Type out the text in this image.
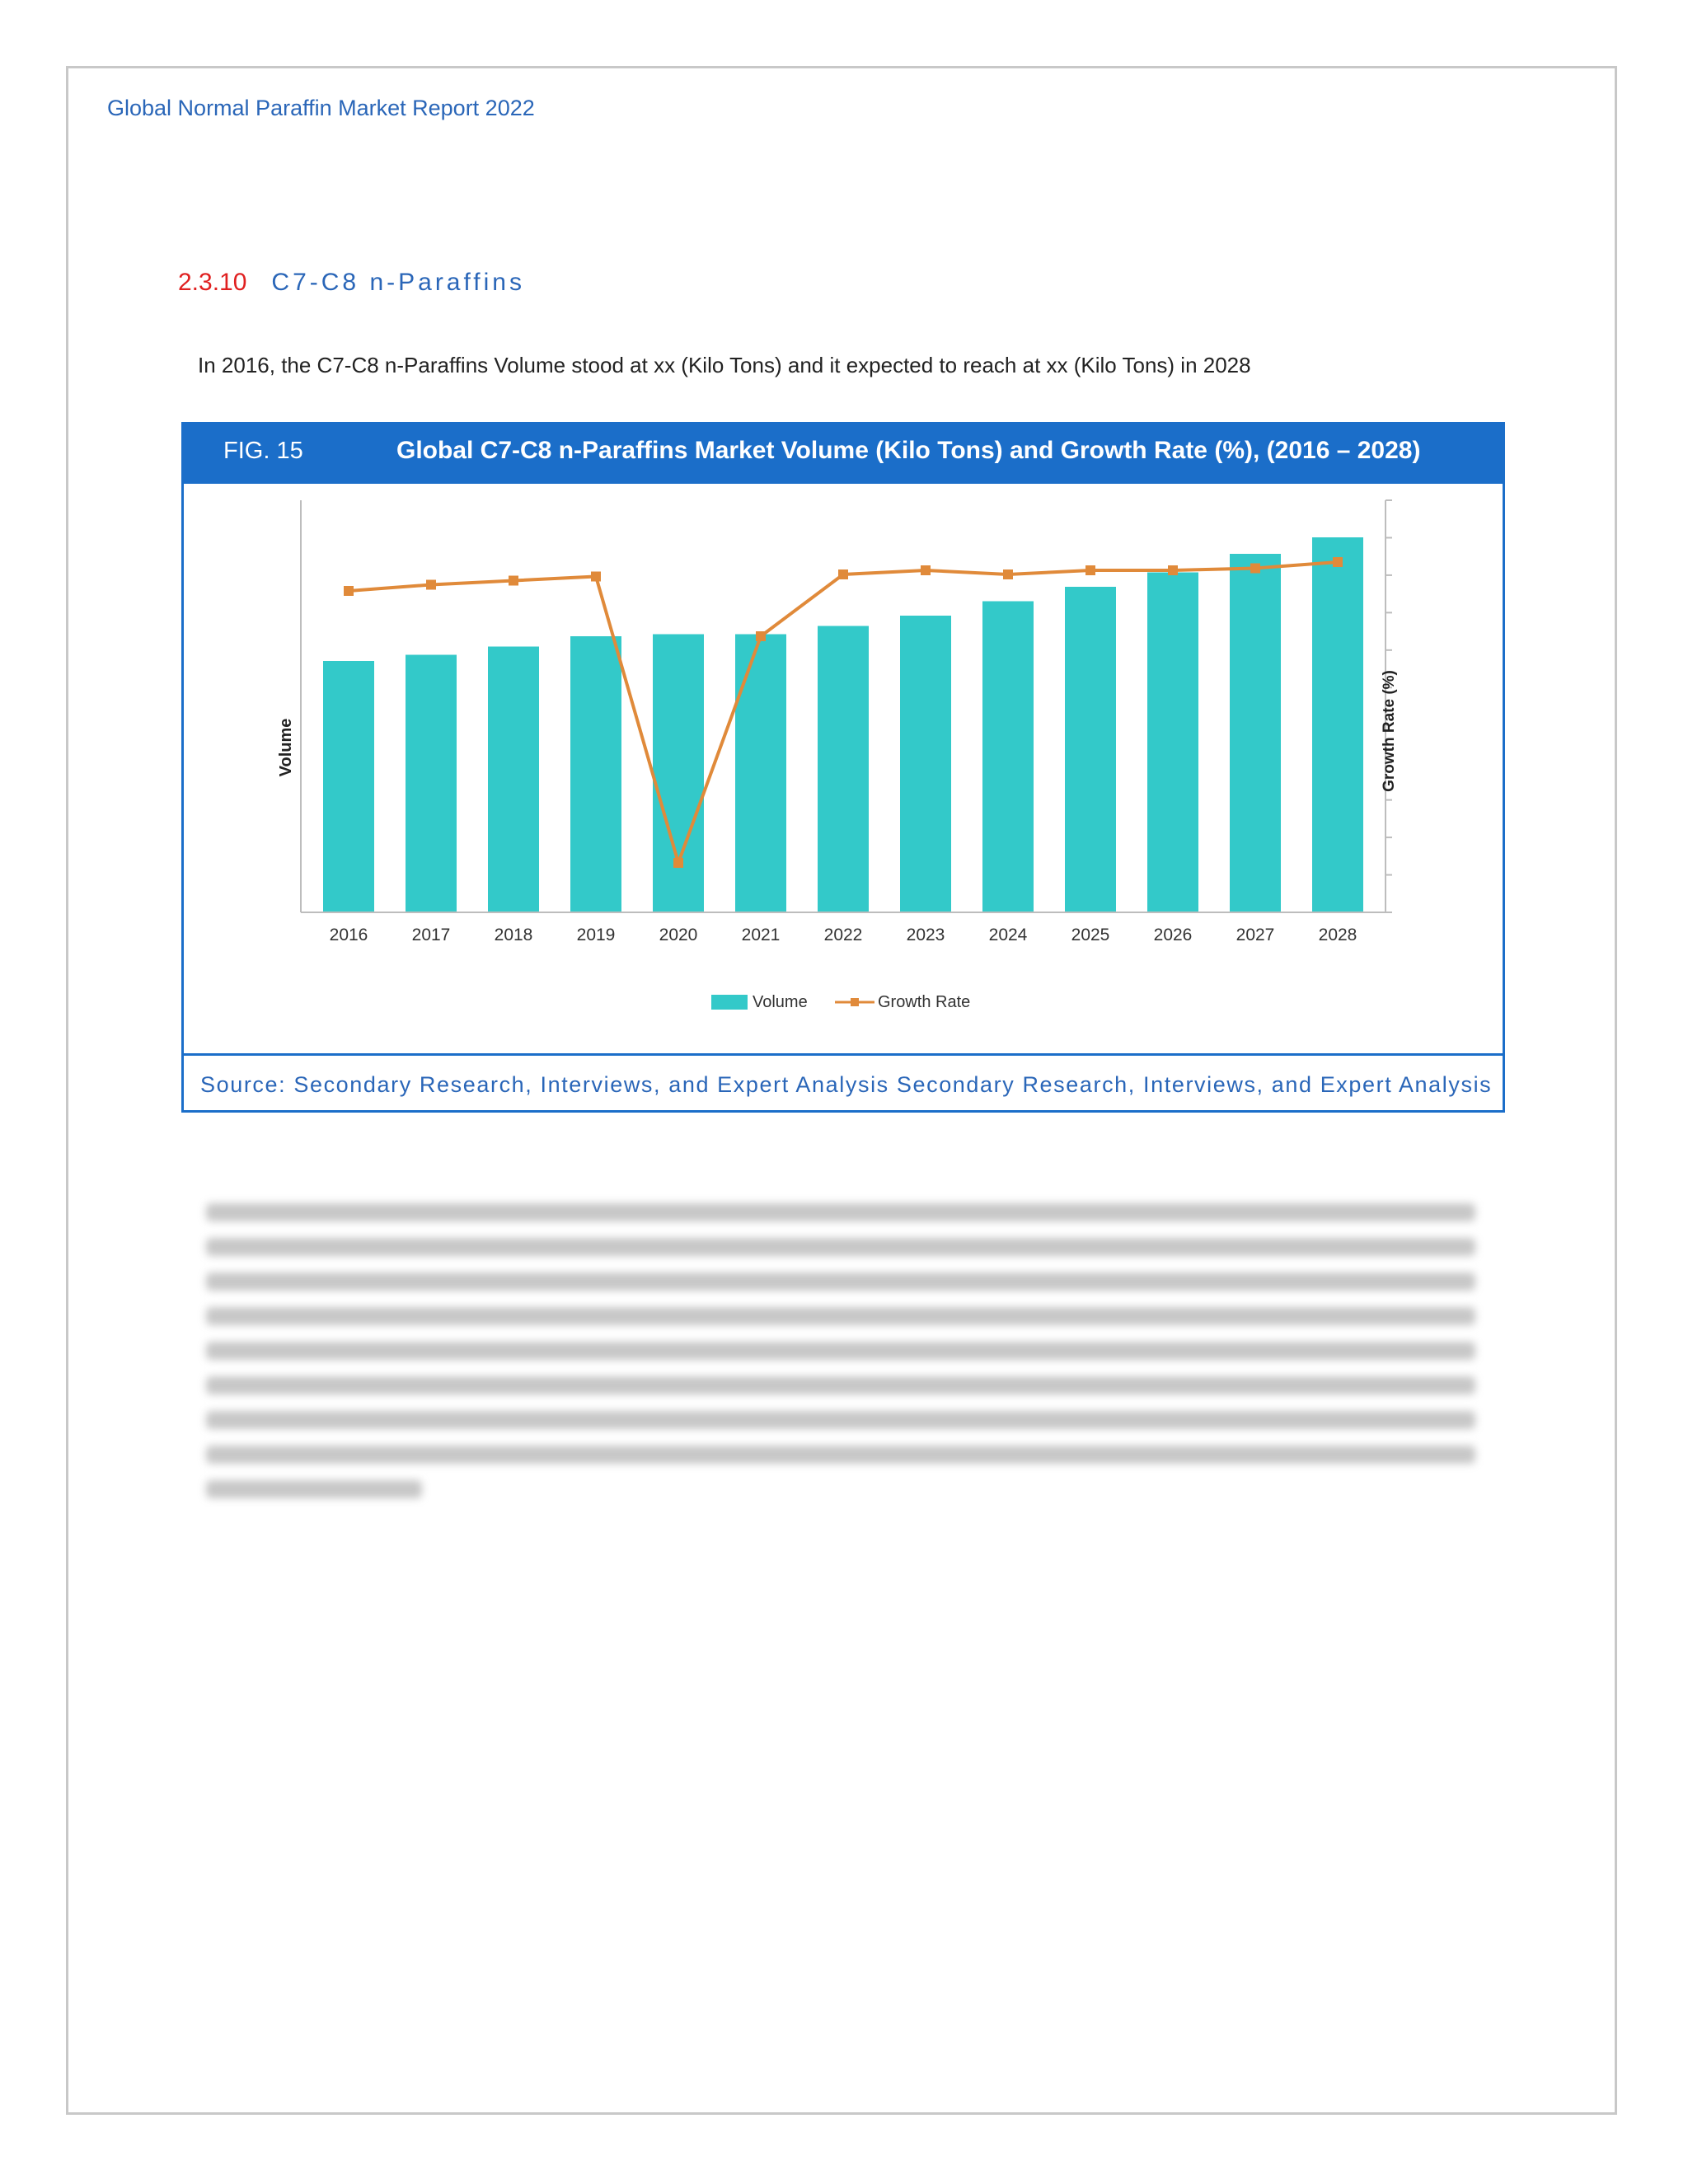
Global Normal Paraffin Market Report 2022
2.3.10 C7-C8 n-Paraffins
In 2016, the C7-C8 n-Paraffins Volume stood at xx (Kilo Tons) and it expected to reach at xx (Kilo Tons) in 2028
FIG. 15	Global C7-C8 n-Paraffins Market Volume (Kilo Tons) and Growth Rate (%), (2016 – 2028)
2016	2017	2018	2019	2020	2021	2022	2023	2024	2025	2026	2027	2028
Volume	Growth Rate (%)
Volume	Growth Rate
Source: Secondary Research, Interviews, and Expert Analysis Secondary Research, Interviews, and Expert Analysis
